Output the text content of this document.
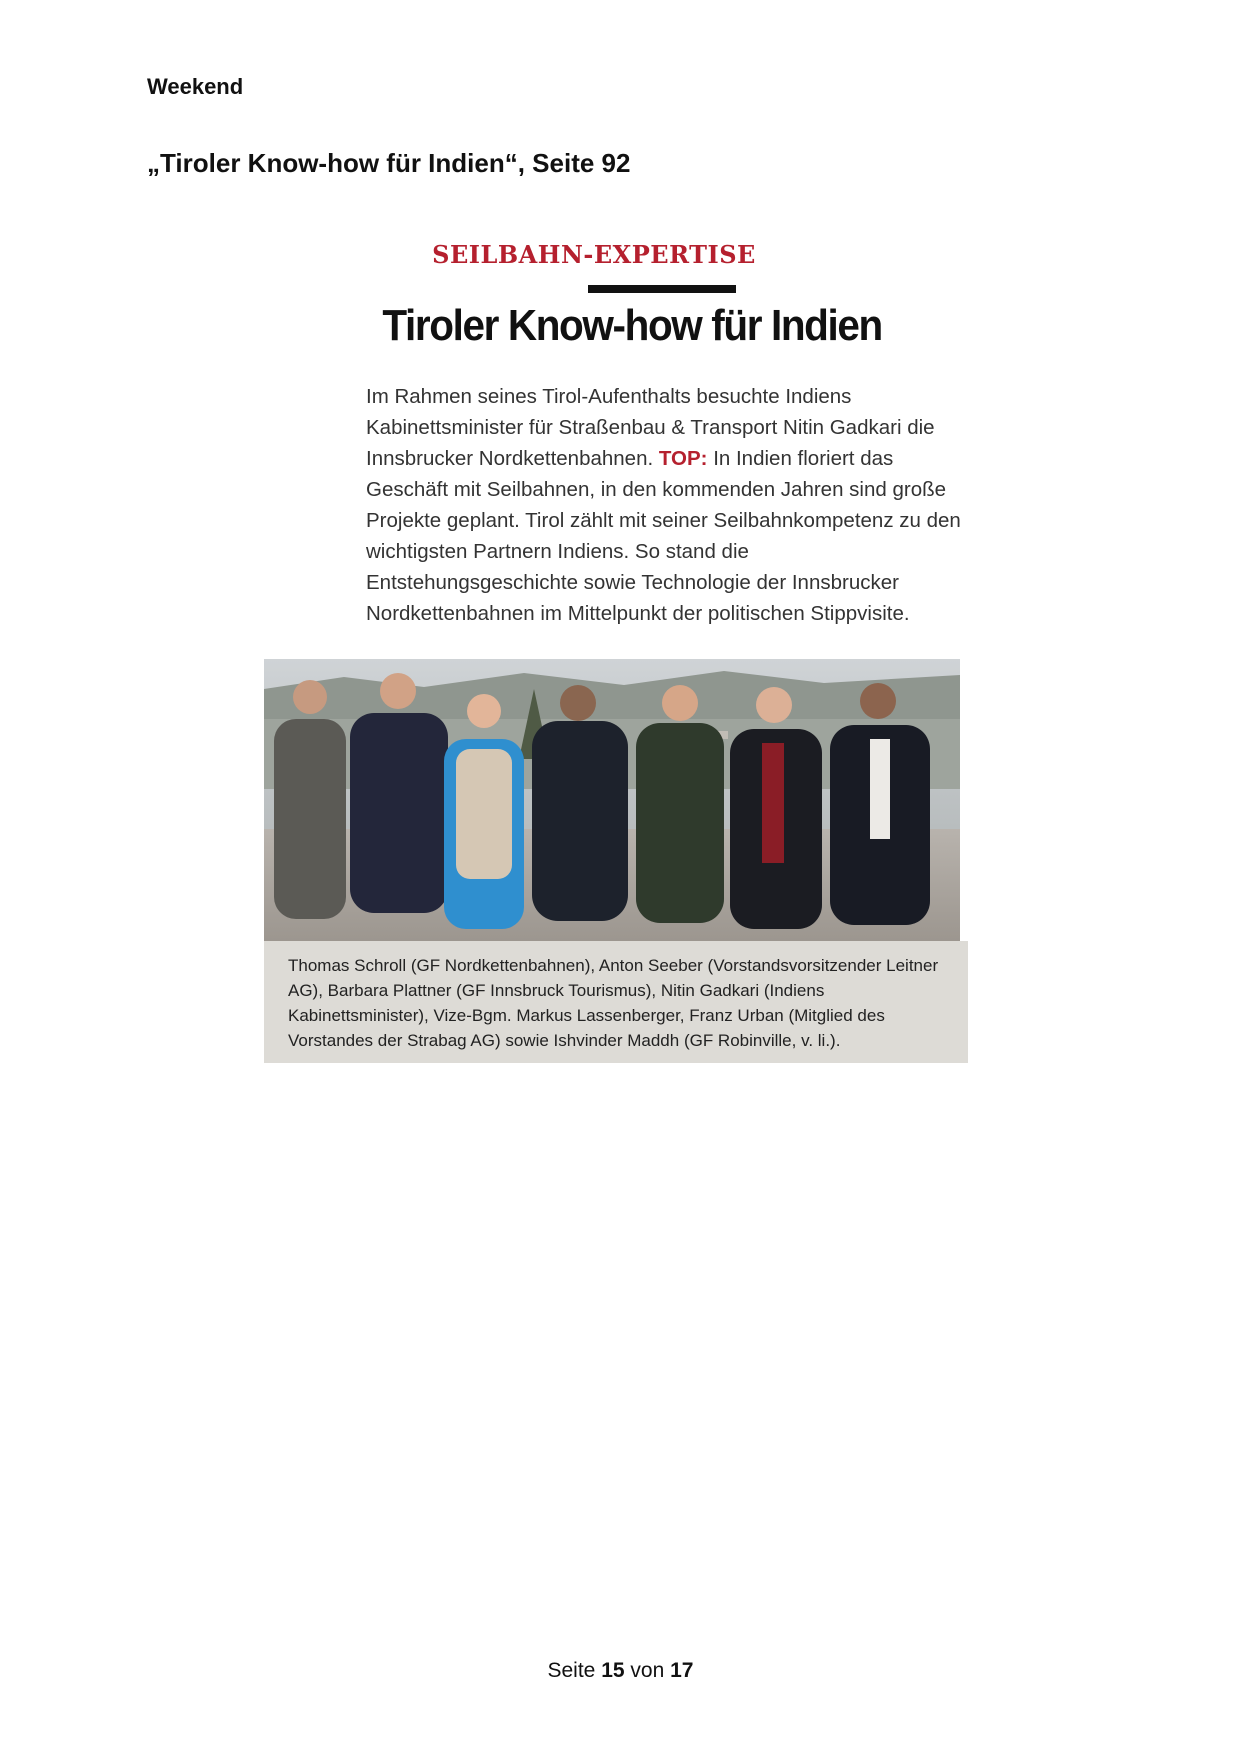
Weekend
„Tiroler Know-how für Indien“, Seite 92
SEILBAHN-EXPERTISE
Tiroler Know-how für Indien
Im Rahmen seines Tirol-Aufenthalts besuchte Indiens Kabinettsminister für Straßenbau & Transport Nitin Gadkari die Innsbrucker Nordkettenbahnen. TOP: In Indien floriert das Geschäft mit Seilbahnen, in den kommenden Jahren sind große Projekte geplant. Tirol zählt mit seiner Seilbahnkompetenz zu den wichtigsten Partnern Indiens. So stand die Entstehungsgeschichte sowie Technologie der Innsbrucker Nordkettenbahnen im Mittelpunkt der politischen Stippvisite.
Thomas Schroll (GF Nordkettenbahnen), Anton Seeber (Vorstandsvorsitzender Leitner AG), Barbara Plattner (GF Innsbruck Tourismus), Nitin Gadkari (Indiens Kabinettsminister), Vize-Bgm. Markus Lassenberger, Franz Urban (Mitglied des Vorstandes der Strabag AG) sowie Ishvinder Maddh (GF Robinville, v. li.).
Seite 15 von 17
